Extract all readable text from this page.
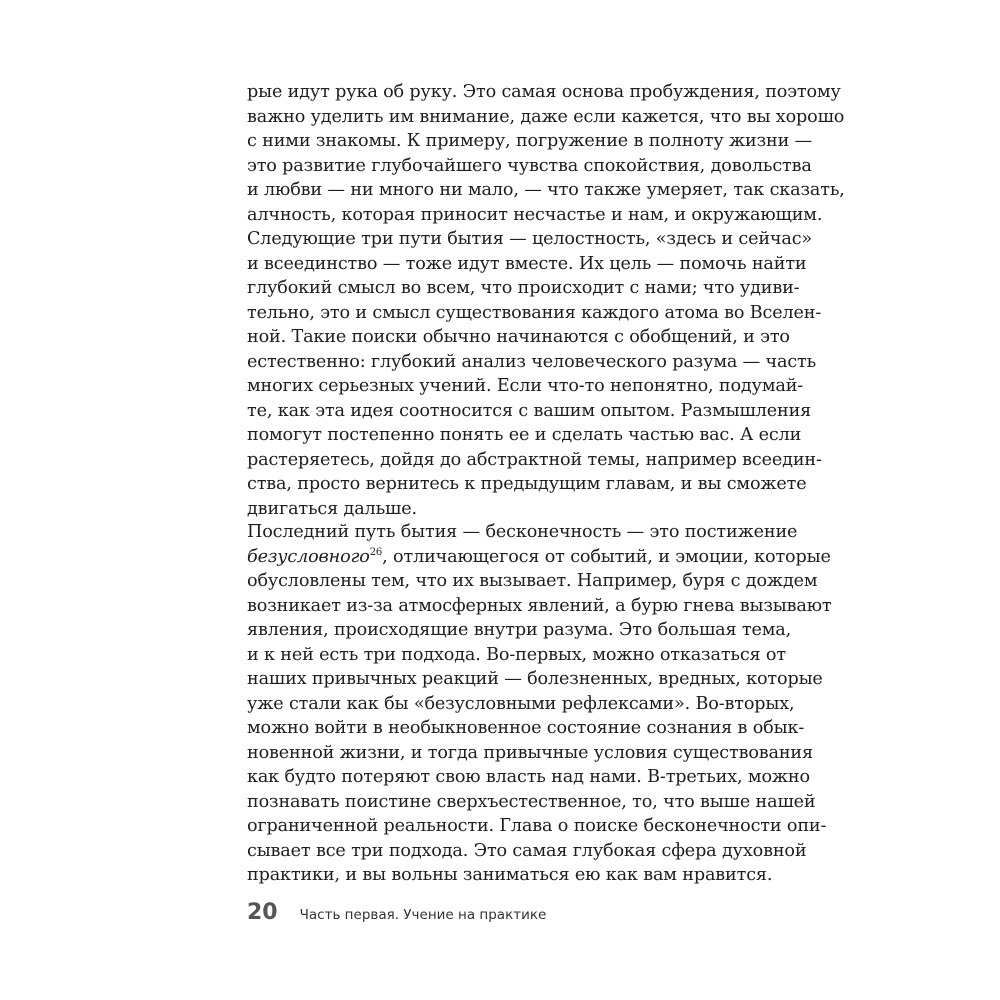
рые идут рука об руку. Это самая основа пробуждения, поэтому
важно уделить им внимание, даже если кажется, что вы хорошо
с ними знакомы. К примеру, погружение в полноту жизни —
это развитие глубочайшего чувства спокойствия, довольства
и любви — ни много ни мало, — что также умеряет, так сказать,
алчность, которая приносит несчастье и нам, и окружающим.
Следующие три пути бытия — целостность, «здесь и сейчас»
и всеединство — тоже идут вместе. Их цель — помочь найти
глубокий смысл во всем, что происходит с нами; что удиви-
тельно, это и смысл существования каждого атома во Вселен-
ной. Такие поиски обычно начинаются с обобщений, и это
естественно: глубокий анализ человеческого разума — часть
многих серьезных учений. Если что-то непонятно, подумай-
те, как эта идея соотносится с вашим опытом. Размышления
помогут постепенно понять ее и сделать частью вас. А если
растеряетесь, дойдя до абстрактной темы, например всеедин-
ства, просто вернитесь к предыдущим главам, и вы сможете
двигаться дальше.
Последний путь бытия — бесконечность — это постижение
безусловного$^{26}$, отличающегося от событий, и эмоции, которые
обусловлены тем, что их вызывает. Например, буря с дождем
возникает из-за атмосферных явлений, а бурю гнева вызывают
явления, происходящие внутри разума. Это большая тема,
и к ней есть три подхода. Во-первых, можно отказаться от
наших привычных реакций — болезненных, вредных, которые
уже стали как бы «безусловными рефлексами». Во-вторых,
можно войти в необыкновенное состояние сознания в обык-
новенной жизни, и тогда привычные условия существования
как будто потеряют свою власть над нами. В-третьих, можно
познавать поистине сверхъестественное, то, что выше нашей
ограниченной реальности. Глава о поиске бесконечности опи-
сывает все три подхода. Это самая глубокая сфера духовной
практики, и вы вольны заниматься ею как вам нравится.
20 Часть первая. Учение на практике
